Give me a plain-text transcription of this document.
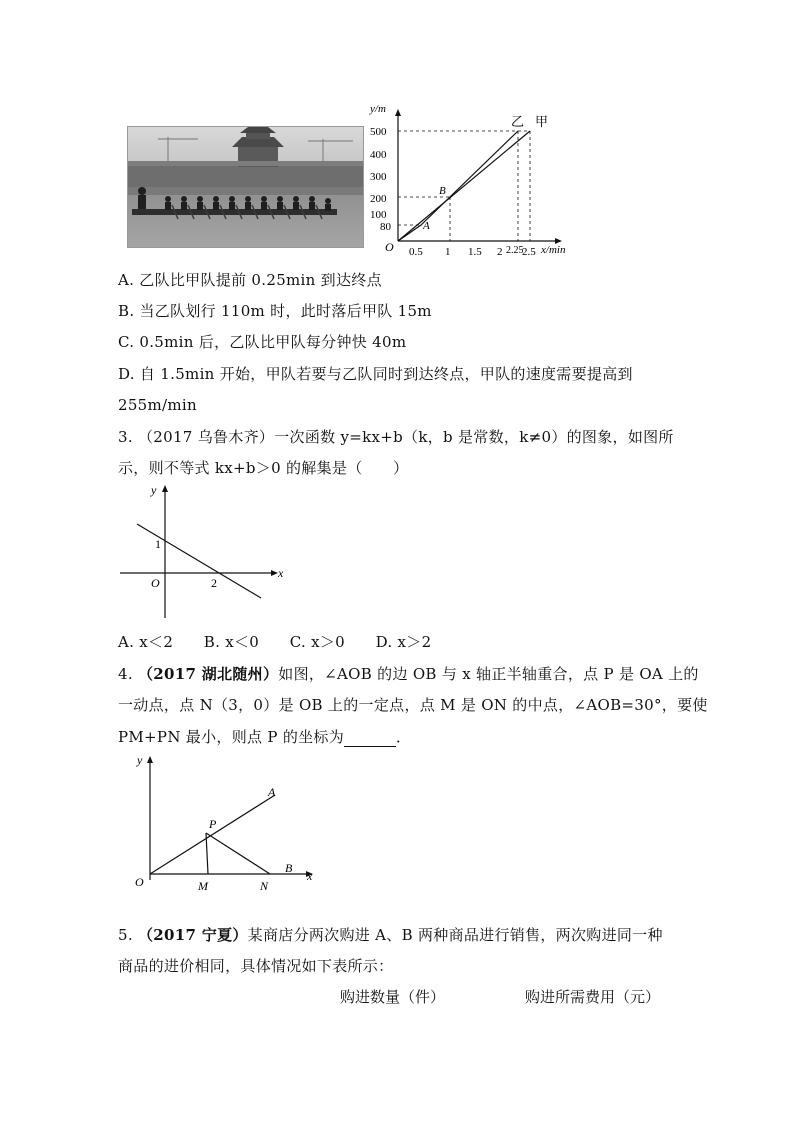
y/m
x/min
O
500
400
300
200
100
80
0.5 1 1.5 2 2.25
2.5
A
B
乙 甲
A. 乙队比甲队提前 0.25min 到达终点
B. 当乙队划行 110m 时，此时落后甲队 15m
C. 0.5min 后，乙队比甲队每分钟快 40m
D. 自 1.5min 开始，甲队若要与乙队同时到达终点，甲队的速度需要提高到
255m/min
3. （2017 乌鲁木齐）一次函数 y=kx+b（k，b 是常数，k≠0）的图象，如图所
示，则不等式 kx+b＞0 的解集是（　　）
y
x
O
1
2
A. x＜2　　B. x＜0　　C. x＞0　　D. x＞2
4. （2017 湖北随州）如图，∠AOB 的边 OB 与 x 轴正半轴重合，点 P 是 OA 上的
一动点，点 N（3，0）是 OB 上的一定点，点 M 是 ON 的中点，∠AOB=30°，要使
PM+PN 最小，则点 P 的坐标为	．
y
x
O
A
B
P
M	N
5. （2017 宁夏）某商店分两次购进 A、B 两种商品进行销售，两次购进同一种
商品的进价相同，具体情况如下表所示：
购进数量（件）	购进所需费用（元）
